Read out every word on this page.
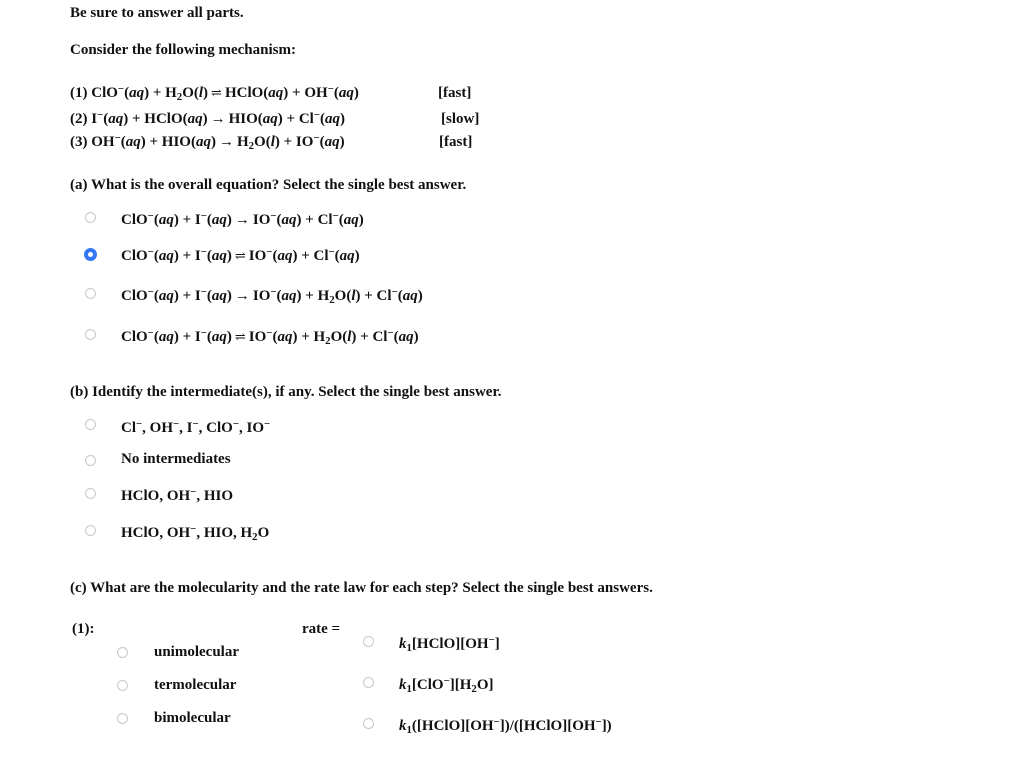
Be sure to answer all parts.
Consider the following mechanism:
(1) $ClO^-(aq) + H_2O(l)$ ⇌ HClO(aq) + OH−(aq)	[fast]
(2) I−(aq) + HClO(aq) → HIO(aq) + Cl−(aq)	[slow]
(3) $OH^-(aq) + HIO(aq) \to H_2O(l) + IO^-(aq)$	[fast]
(a) What is the overall equation? Select the single best answer.
ClO−(aq) + I−(aq) → IO−(aq) + Cl−(aq)
ClO−(aq) + I−(aq) ⇌ IO−(aq) + Cl−(aq)
$ClO^-(aq) + I^-(aq) \to IO^-(aq) + H_2O(l) + Cl^-(aq)$
ClO−(aq) + I−(aq) ⇌ $IO^-(aq) + H_2O(l) + Cl^-(aq)$
(b) Identify the intermediate(s), if any. Select the single best answer.
Cl−, OH−, I−, ClO−, IO−
No intermediates
HClO, OH−, HIO
HClO, OH−, HIO, $H_2O$
(c) What are the molecularity and the rate law for each step? Select the single best answers.
(1):	rate =
unimolecular
termolecular
bimolecular
$k_1[HClO][OH^-]$
$k_1[ClO^-][H_2O]$
$k_1([HClO][OH^-])/([HClO][OH^-])$
